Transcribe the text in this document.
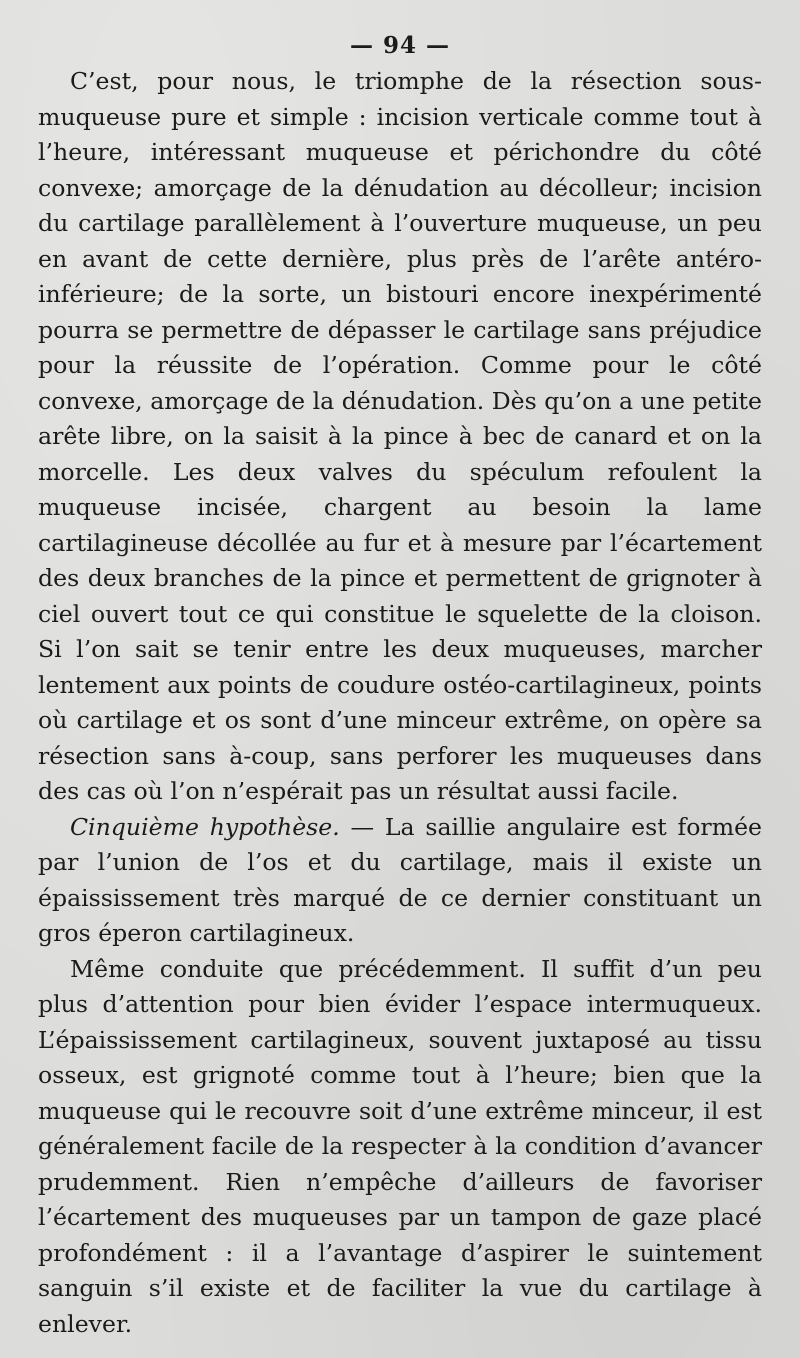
— 94 —

C’est, pour nous, le triomphe de la résection sous-muqueuse pure et simple : incision verticale comme tout à l’heure, intéressant muqueuse et périchondre du côté convexe; amorçage de la dénudation au décolleur; incision du cartilage parallèlement à l’ouverture muqueuse, un peu en avant de cette dernière, plus près de l’arête antéro-inférieure; de la sorte, un bistouri encore inexpérimenté pourra se permettre de dépasser le cartilage sans préjudice pour la réussite de l’opération. Comme pour le côté convexe, amorçage de la dénudation. Dès qu’on a une petite arête libre, on la saisit à la pince à bec de canard et on la morcelle. Les deux valves du spéculum refoulent la muqueuse incisée, chargent au besoin la lame cartilagineuse décollée au fur et à mesure par l’écartement des deux branches de la pince et permettent de grignoter à ciel ouvert tout ce qui constitue le squelette de la cloison. Si l’on sait se tenir entre les deux muqueuses, marcher lentement aux points de coudure ostéo-cartilagineux, points où cartilage et os sont d’une minceur extrême, on opère sa résection sans à-coup, sans perforer les muqueuses dans des cas où l’on n’espérait pas un résultat aussi facile.

Cinquième hypothèse. — La saillie angulaire est formée par l’union de l’os et du cartilage, mais il existe un épaississement très marqué de ce dernier constituant un gros éperon cartilagineux.

Même conduite que précédemment. Il suffit d’un peu plus d’attention pour bien évider l’espace intermuqueux. L’épaississement cartilagineux, souvent juxtaposé au tissu osseux, est grignoté comme tout à l’heure; bien que la muqueuse qui le recouvre soit d’une extrême minceur, il est généralement facile de la respecter à la condition d’avancer prudemment. Rien n’empêche d’ailleurs de favoriser l’écartement des muqueuses par un tampon de gaze placé profondément : il a l’avantage d’aspirer le suintement sanguin s’il existe et de faciliter la vue du cartilage à enlever.
